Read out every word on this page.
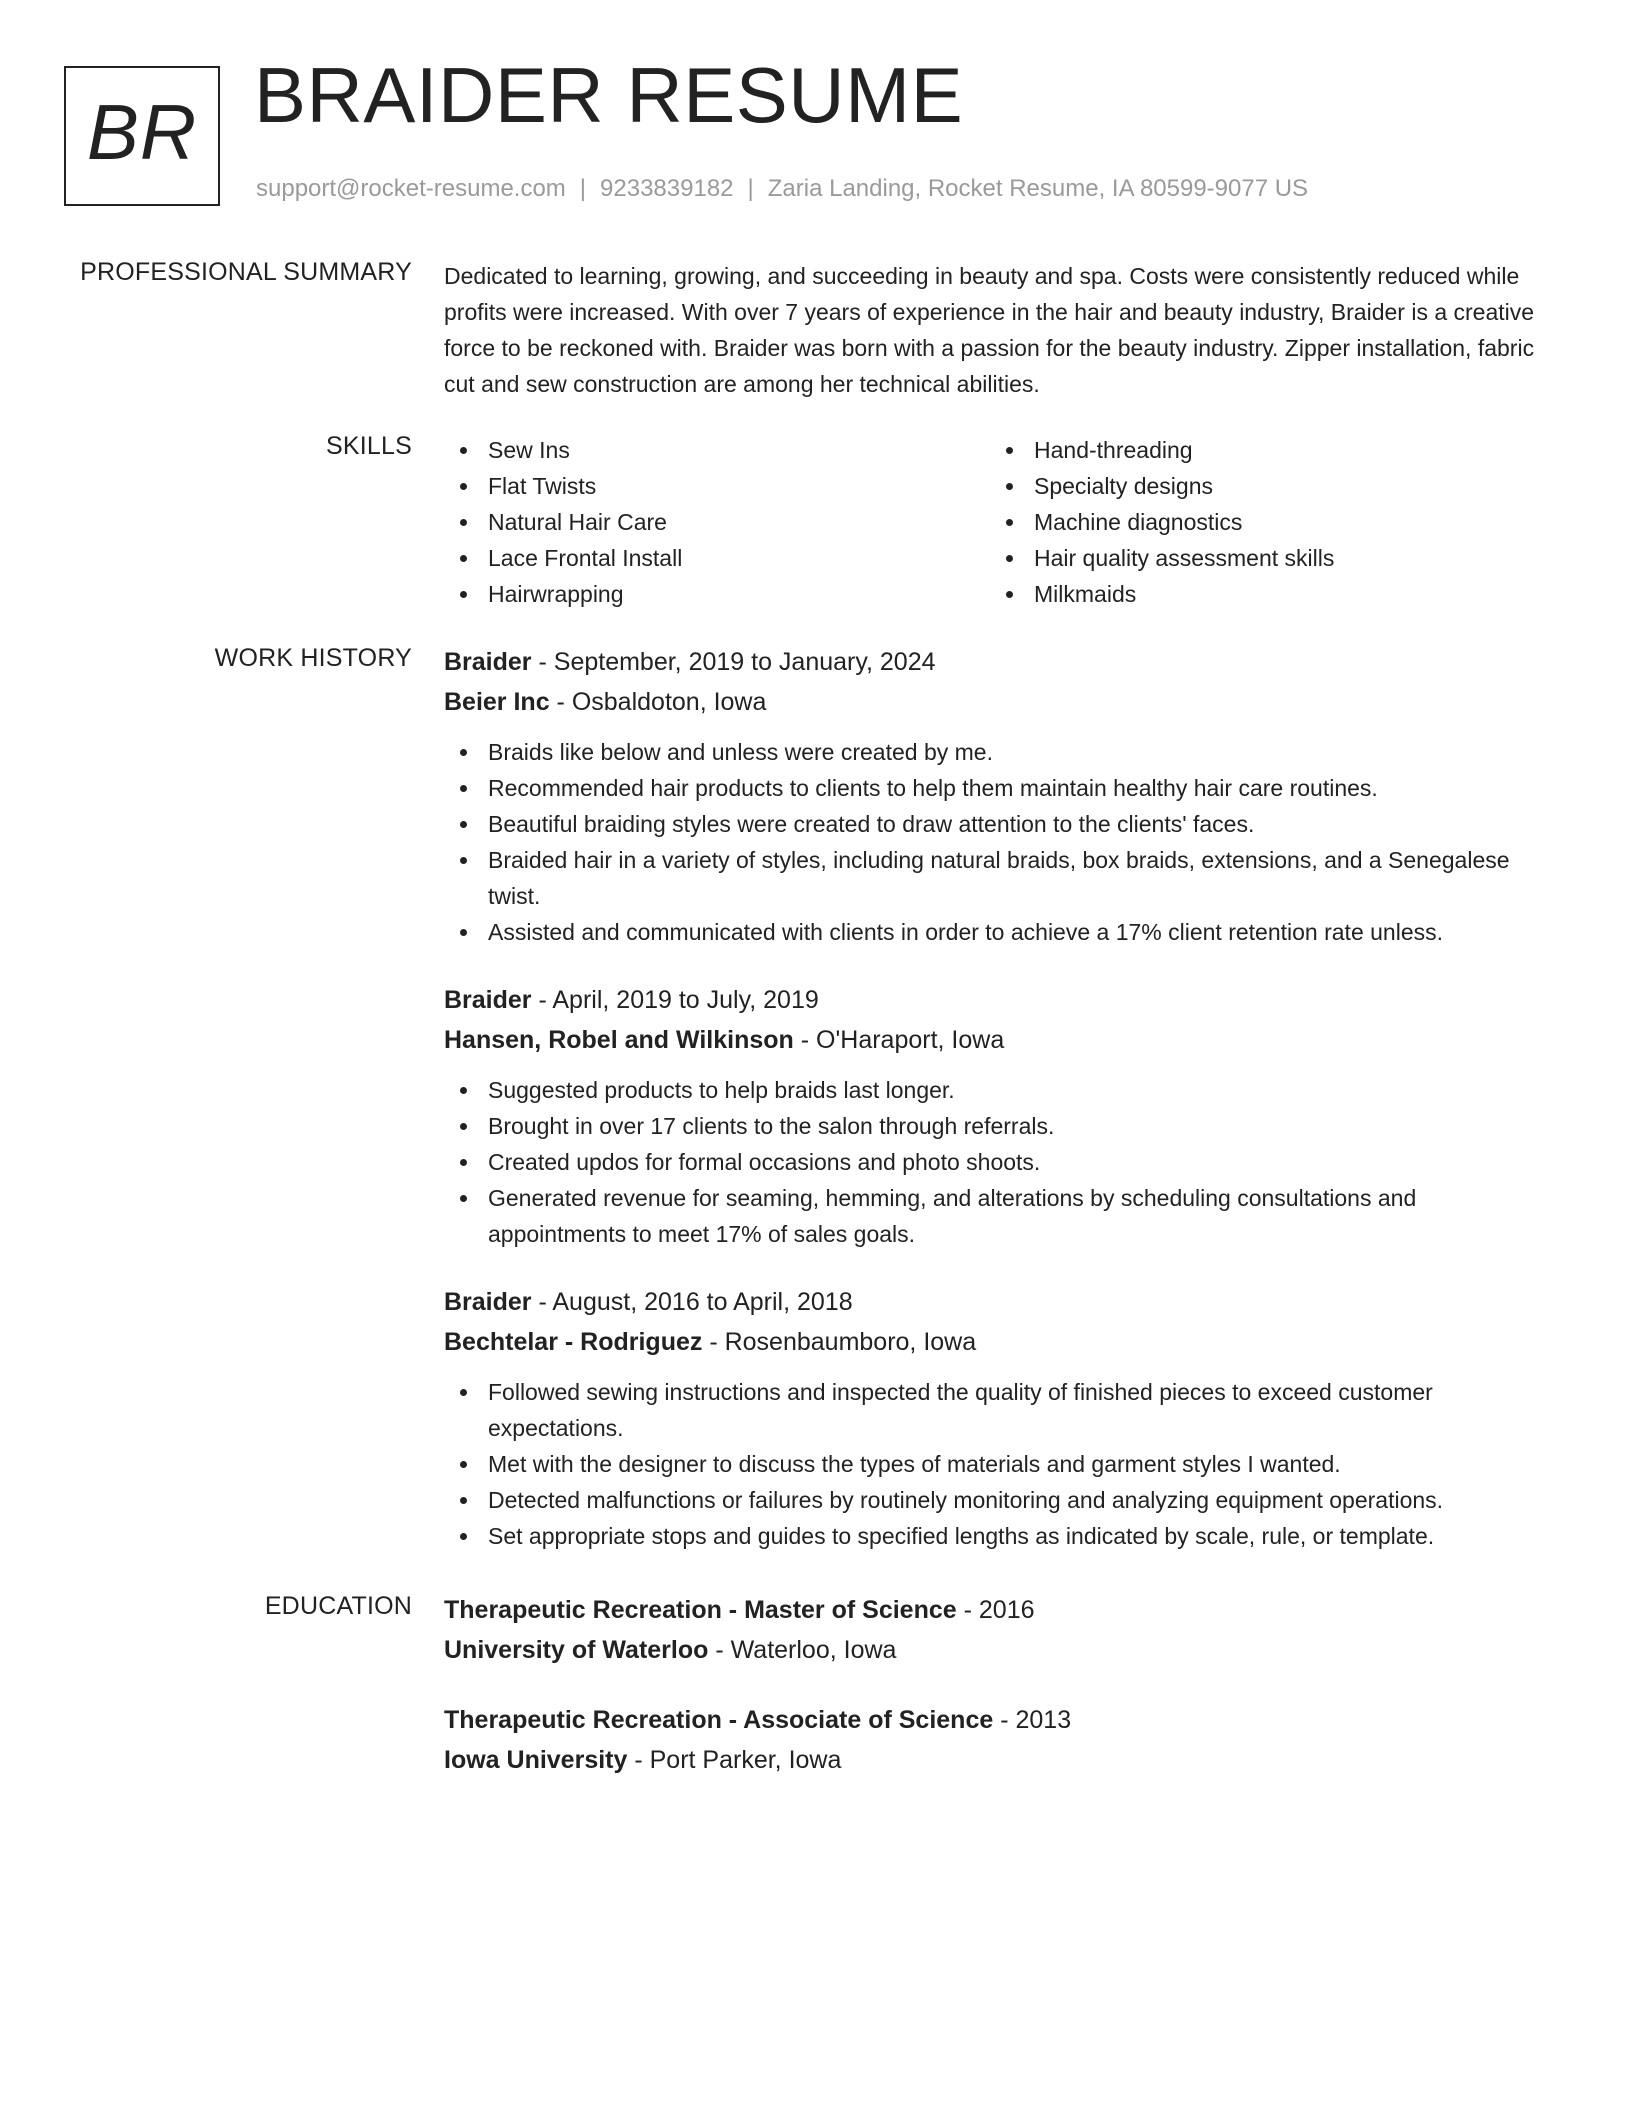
BR BRAIDER RESUME
support@rocket-resume.com | 9233839182 | Zaria Landing, Rocket Resume, IA 80599-9077 US
PROFESSIONAL SUMMARY Dedicated to learning, growing, and succeeding in beauty and spa. Costs were consistently reduced while profits were increased. With over 7 years of experience in the hair and beauty industry, Braider is a creative force to be reckoned with. Braider was born with a passion for the beauty industry. Zipper installation, fabric cut and sew construction are among her technical abilities.

SKILLS	Sew Ins
Flat Twists
Natural Hair Care
Lace Frontal Install
Hairwrapping
Hand-threading
Specialty designs
Machine diagnostics
Hair quality assessment skills
Milkmaids
WORK HISTORY Braider - September, 2019 to January, 2024
Beier Inc - Osbaldoton, Iowa
Braids like below and unless were created by me.
Recommended hair products to clients to help them maintain healthy hair care routines.
Beautiful braiding styles were created to draw attention to the clients' faces.
Braided hair in a variety of styles, including natural braids, box braids, extensions, and a Senegalese twist.
Assisted and communicated with clients in order to achieve a 17% client retention rate unless.
Braider - April, 2019 to July, 2019
Hansen, Robel and Wilkinson - O'Haraport, Iowa
Suggested products to help braids last longer.
Brought in over 17 clients to the salon through referrals.
Created updos for formal occasions and photo shoots.
Generated revenue for seaming, hemming, and alterations by scheduling consultations and appointments to meet 17% of sales goals.
Braider - August, 2016 to April, 2018
Bechtelar - Rodriguez - Rosenbaumboro, Iowa
Followed sewing instructions and inspected the quality of finished pieces to exceed customer expectations.
Met with the designer to discuss the types of materials and garment styles I wanted.
Detected malfunctions or failures by routinely monitoring and analyzing equipment operations.
Set appropriate stops and guides to specified lengths as indicated by scale, rule, or template.
EDUCATION Therapeutic Recreation - Master of Science - 2016
University of Waterloo - Waterloo, Iowa
Therapeutic Recreation - Associate of Science - 2013
Iowa University - Port Parker, Iowa
